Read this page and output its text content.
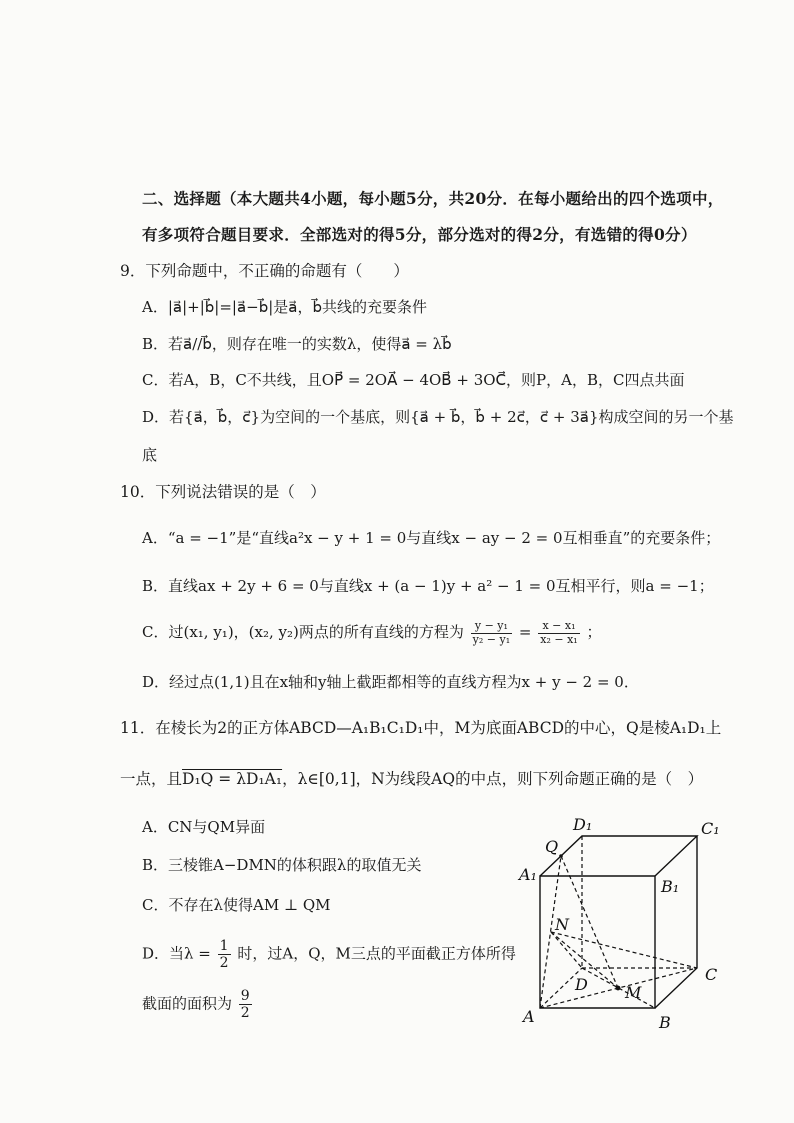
二、选择题（本大题共4小题，每小题5分，共20分．在每小题给出的四个选项中，
有多项符合题目要求．全部选对的得5分，部分选对的得2分，有选错的得0分）
9．下列命题中，不正确的命题有（　　）
A．|a⃗|+|b⃗|=|a⃗−b⃗|是a⃗，b⃗共线的充要条件
B．若a⃗//b⃗，则存在唯一的实数λ，使得a⃗ = λb⃗
C．若A，B，C不共线，且OP⃗ = 2OA⃗ − 4OB⃗ + 3OC⃗，则P，A，B，C四点共面
D．若{a⃗，b⃗，c⃗}为空间的一个基底，则{a⃗ + b⃗，b⃗ + 2c⃗，c⃗ + 3a⃗}构成空间的另一个基
底
10．下列说法错误的是（　）
A．“a = −1”是“直线a²x − y + 1 = 0与直线x − ay − 2 = 0互相垂直”的充要条件；
B．直线ax + 2y + 6 = 0与直线x + (a − 1)y + a² − 1 = 0互相平行，则a = −1；
C．过(x₁, y₁)，(x₂, y₂)两点的所有直线的方程为 $\frac{\text{y − y₁}}{\text{y₂ − y₁}} = \frac{\text{x − x₁}}{\text{x₂ − x₁}}$ ；
D．经过点(1,1)且在x轴和y轴上截距都相等的直线方程为x + y − 2 = 0．
11．在棱长为2的正方体ABCD—A₁B₁C₁D₁中，M为底面ABCD的中心，Q是棱A₁D₁上
一点，且D₁Q = λD₁A₁，λ∈[0,1]，N为线段AQ的中点，则下列命题正确的是（　）
A．CN与QM异面
B．三棱锥A−DMN的体积跟λ的取值无关
C．不存在λ使得AM ⊥ QM
D．当$\lambda = \frac{1}{2}$ 时，过A，Q，M三点的平面截正方体所得
截面的面积为 $\frac{9}{2}$
D₁	C₁
Q
A₁
B₁
N
D M
C
A	B
